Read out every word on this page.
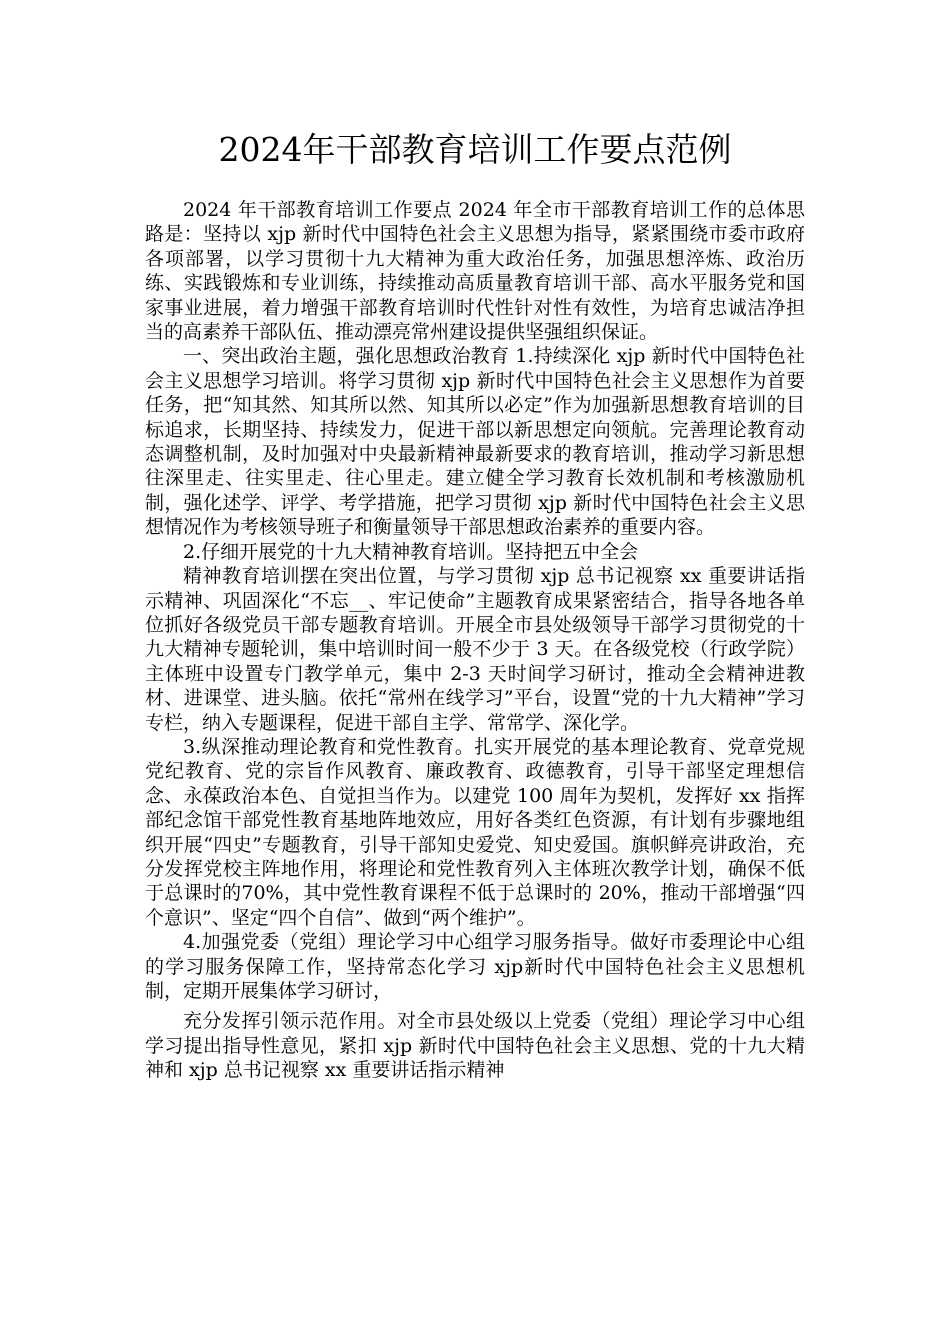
2024年干部教育培训工作要点范例

2024 年干部教育培训工作要点 2024 年全市干部教育培训工作的总体思路是：坚持以 xjp 新时代中国特色社会主义思想为指导，紧紧围绕市委市政府各项部署，以学习贯彻十九大精神为重大政治任务，加强思想淬炼、政治历练、实践锻炼和专业训练，持续推动高质量教育培训干部、高水平服务党和国家事业进展，着力增强干部教育培训时代性针对性有效性，为培育忠诚洁净担当的高素养干部队伍、推动漂亮常州建设提供坚强组织保证。

一、突出政治主题，强化思想政治教育 1.持续深化 xjp 新时代中国特色社会主义思想学习培训。将学习贯彻 xjp 新时代中国特色社会主义思想作为首要任务，把“知其然、知其所以然、知其所以必定”作为加强新思想教育培训的目标追求，长期坚持、持续发力，促进干部以新思想定向领航。完善理论教育动态调整机制，及时加强对中央最新精神最新要求的教育培训，推动学习新思想往深里走、往实里走、往心里走。建立健全学习教育长效机制和考核激励机制，强化述学、评学、考学措施，把学习贯彻 xjp 新时代中国特色社会主义思想情况作为考核领导班子和衡量领导干部思想政治素养的重要内容。

2.仔细开展党的十九大精神教育培训。坚持把五中全会

精神教育培训摆在突出位置，与学习贯彻 xjp 总书记视察 xx 重要讲话指示精神、巩固深化“不忘__、牢记使命”主题教育成果紧密结合，指导各地各单位抓好各级党员干部专题教育培训。开展全市县处级领导干部学习贯彻党的十九大精神专题轮训，集中培训时间一般不少于 3 天。在各级党校（行政学院）主体班中设置专门教学单元，集中 2-3 天时间学习研讨，推动全会精神进教材、进课堂、进头脑。依托“常州在线学习”平台，设置“党的十九大精神”学习专栏，纳入专题课程，促进干部自主学、常常学、深化学。

3.纵深推动理论教育和党性教育。扎实开展党的基本理论教育、党章党规党纪教育、党的宗旨作风教育、廉政教育、政德教育，引导干部坚定理想信念、永葆政治本色、自觉担当作为。以建党 100 周年为契机，发挥好 xx 指挥部纪念馆干部党性教育基地阵地效应，用好各类红色资源，有计划有步骤地组织开展“四史”专题教育，引导干部知史爱党、知史爱国。旗帜鲜亮讲政治，充分发挥党校主阵地作用，将理论和党性教育列入主体班次教学计划，确保不低于总课时的70%，其中党性教育课程不低于总课时的 20%，推动干部增强“四个意识”、坚定“四个自信”、做到“两个维护”。

4.加强党委（党组）理论学习中心组学习服务指导。做好市委理论中心组的学习服务保障工作，坚持常态化学习 xjp新时代中国特色社会主义思想机制，定期开展集体学习研讨，

充分发挥引领示范作用。对全市县处级以上党委（党组）理论学习中心组学习提出指导性意见，紧扣 xjp 新时代中国特色社会主义思想、党的十九大精神和 xjp 总书记视察 xx 重要讲话指示精神
